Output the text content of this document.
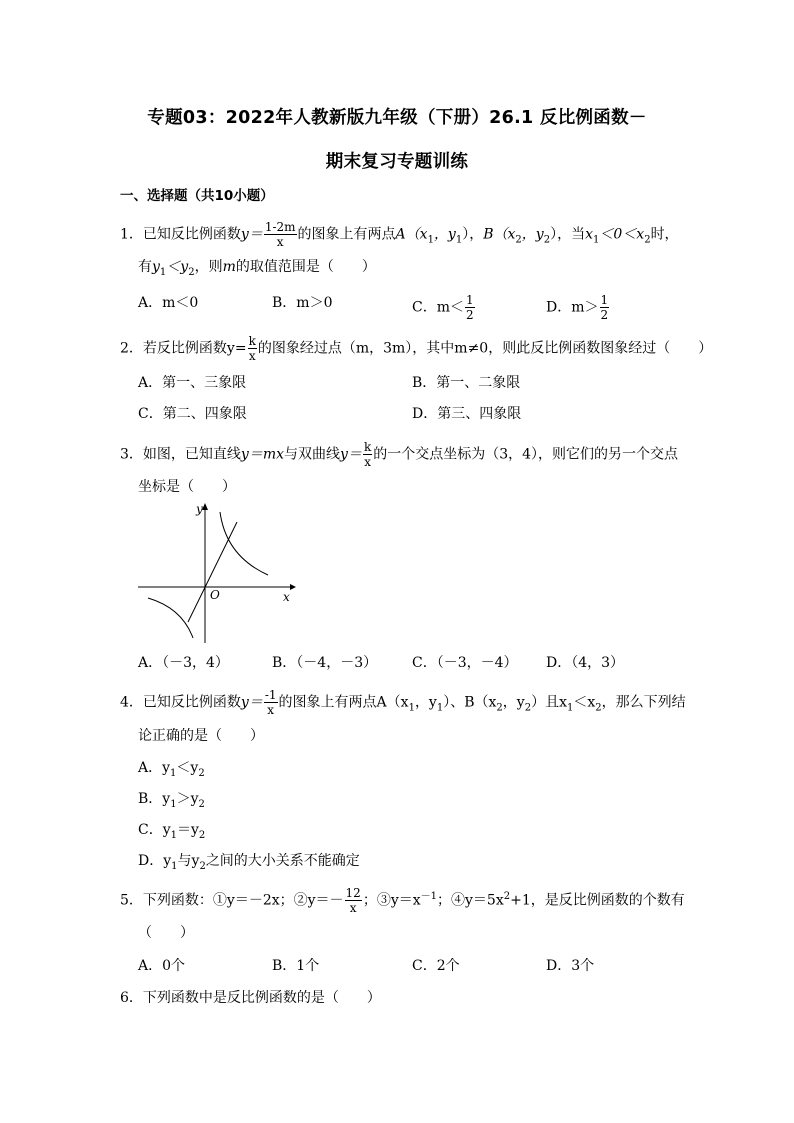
专题03：2022年人教新版九年级（下册）26.1 反比例函数－
期末复习专题训练
一、选择题（共10小题）
1．已知反比例函数$y= \frac{1-2m}{x}$ 的图象上有两点$A(x_1$，$y_1$），$B(x_2$，$y_2$），当$x_1<0<x_2$时，
有$y_1<y_2$，则m的取值范围是（　　）
A．m＜0	B．m＞0	C．$m< \frac{1}{2}$	D．$m> \frac{1}{2}$
2．若反比例函数$y= \frac{k}{x}$ 的图象经过点（m，3m），其中m≠0，则此反比例函数图象经过（　　）
A．第一、三象限	B．第一、二象限
C．第二、四象限	D．第三、四象限
3．如图，已知直线y＝mx与双曲线$y= \frac{k}{x}$ 的一个交点坐标为（3，4），则它们的另一个交点
坐标是（　　）
y
x
O
A．（－3，4）	B．（－4，－3） C．（－3，－4） D．（4，3）
4．已知反比例函数$y= \frac{-1}{x}$ 的图象上有两点$A(x_1$，$y_1$）、$B(x_2$，$y_2$）且$x_1<x_2$，那么下列结
论正确的是（　　）
A．$y_1<y_2$
B．$y_1>y_2$
C．$y_1=y_2$
D．$y_1$与$y_2$之间的大小关系不能确定
5．下列函数：①y＝－2x；②y＝－ $\frac{12}{x}$ ；$③y=x^{-1}$；$④y=5x^2+1$，是反比例函数的个数有
（　　）
A．0个	B．1个	C．2个	D．3个
6．下列函数中是反比例函数的是（　　）
